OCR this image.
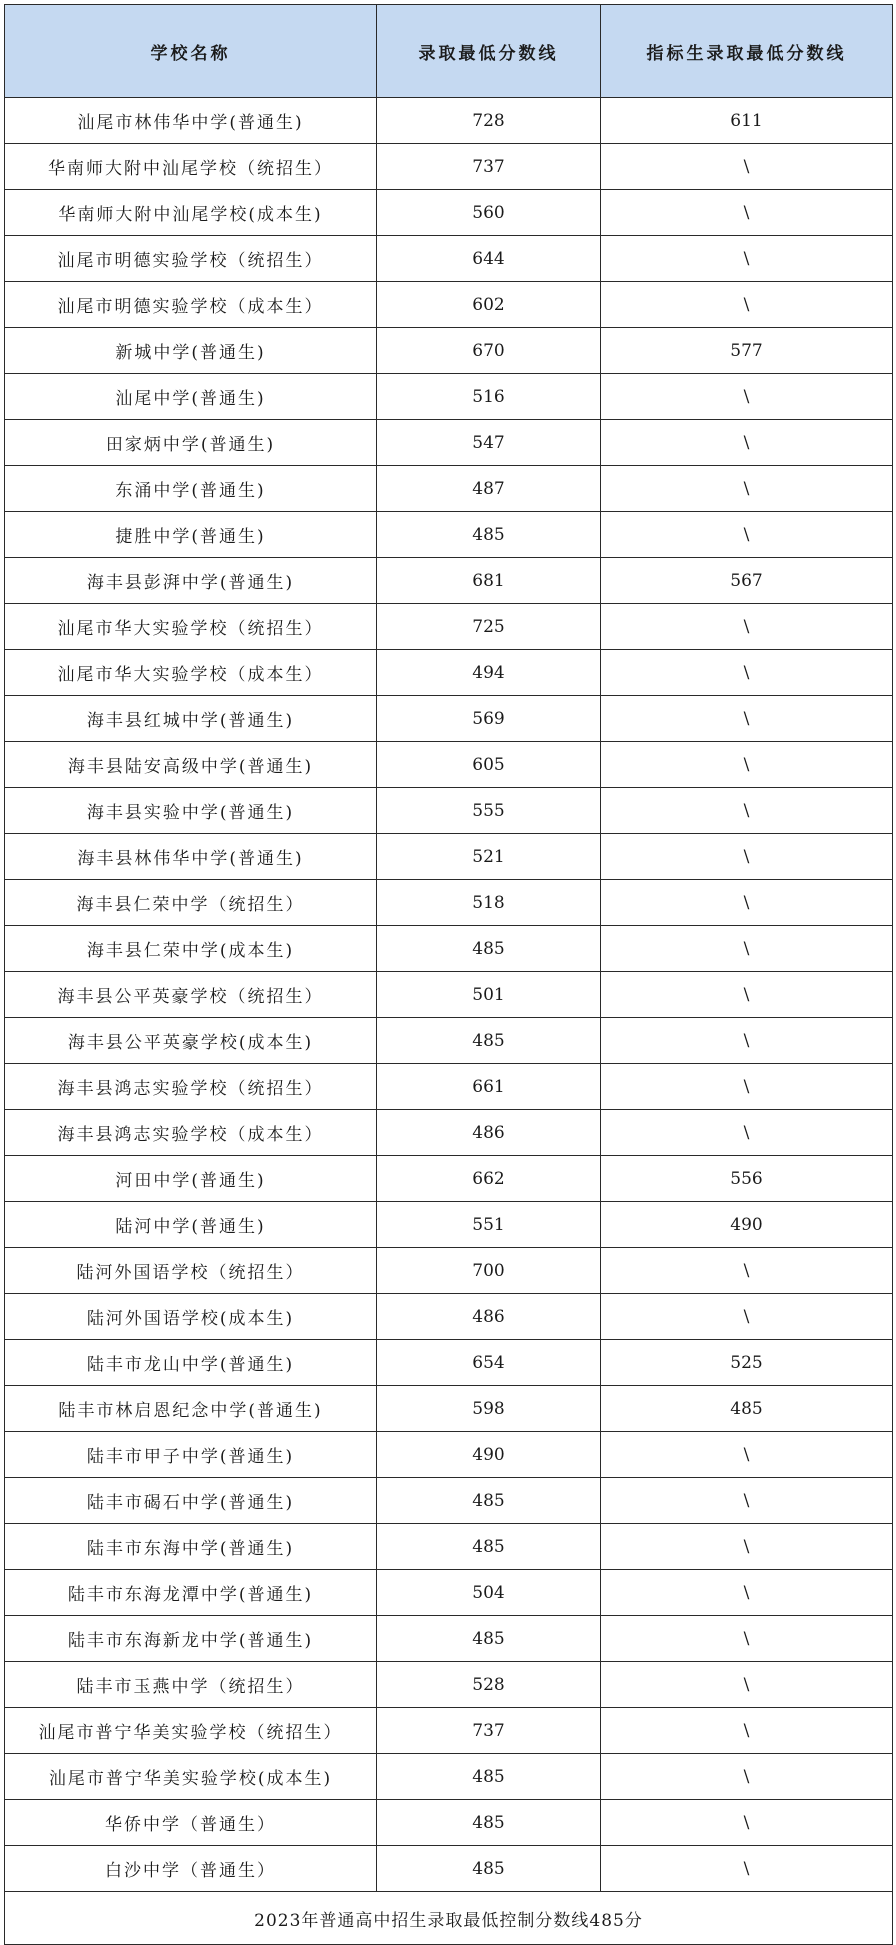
学校名称	录取最低分数线	指标生录取最低分数线
汕尾市林伟华中学(普通生)	728	611
华南师大附中汕尾学校（统招生）	737	\
华南师大附中汕尾学校(成本生)	560	\
汕尾市明德实验学校（统招生）	644	\
汕尾市明德实验学校（成本生）	602	\
新城中学(普通生)	670	577
汕尾中学(普通生)	516	\
田家炳中学(普通生)	547	\
东涌中学(普通生)	487	\
捷胜中学(普通生)	485	\
海丰县彭湃中学(普通生)	681	567
汕尾市华大实验学校（统招生）	725	\
汕尾市华大实验学校（成本生）	494	\
海丰县红城中学(普通生)	569	\
海丰县陆安高级中学(普通生)	605	\
海丰县实验中学(普通生)	555	\
海丰县林伟华中学(普通生)	521	\
海丰县仁荣中学（统招生）	518	\
海丰县仁荣中学(成本生)	485	\
海丰县公平英豪学校（统招生）	501	\
海丰县公平英豪学校(成本生)	485	\
海丰县鸿志实验学校（统招生）	661	\
海丰县鸿志实验学校（成本生）	486	\
河田中学(普通生)	662	556
陆河中学(普通生)	551	490
陆河外国语学校（统招生）	700	\
陆河外国语学校(成本生)	486	\
陆丰市龙山中学(普通生)	654	525
陆丰市林启恩纪念中学(普通生)	598	485
陆丰市甲子中学(普通生)	490	\
陆丰市碣石中学(普通生)	485	\
陆丰市东海中学(普通生)	485	\
陆丰市东海龙潭中学(普通生)	504	\
陆丰市东海新龙中学(普通生)	485	\
陆丰市玉燕中学（统招生）	528	\
汕尾市普宁华美实验学校（统招生）	737	\
汕尾市普宁华美实验学校(成本生)	485	\
华侨中学（普通生）	485	\
白沙中学（普通生）	485	\
2023年普通高中招生录取最低控制分数线485分		
